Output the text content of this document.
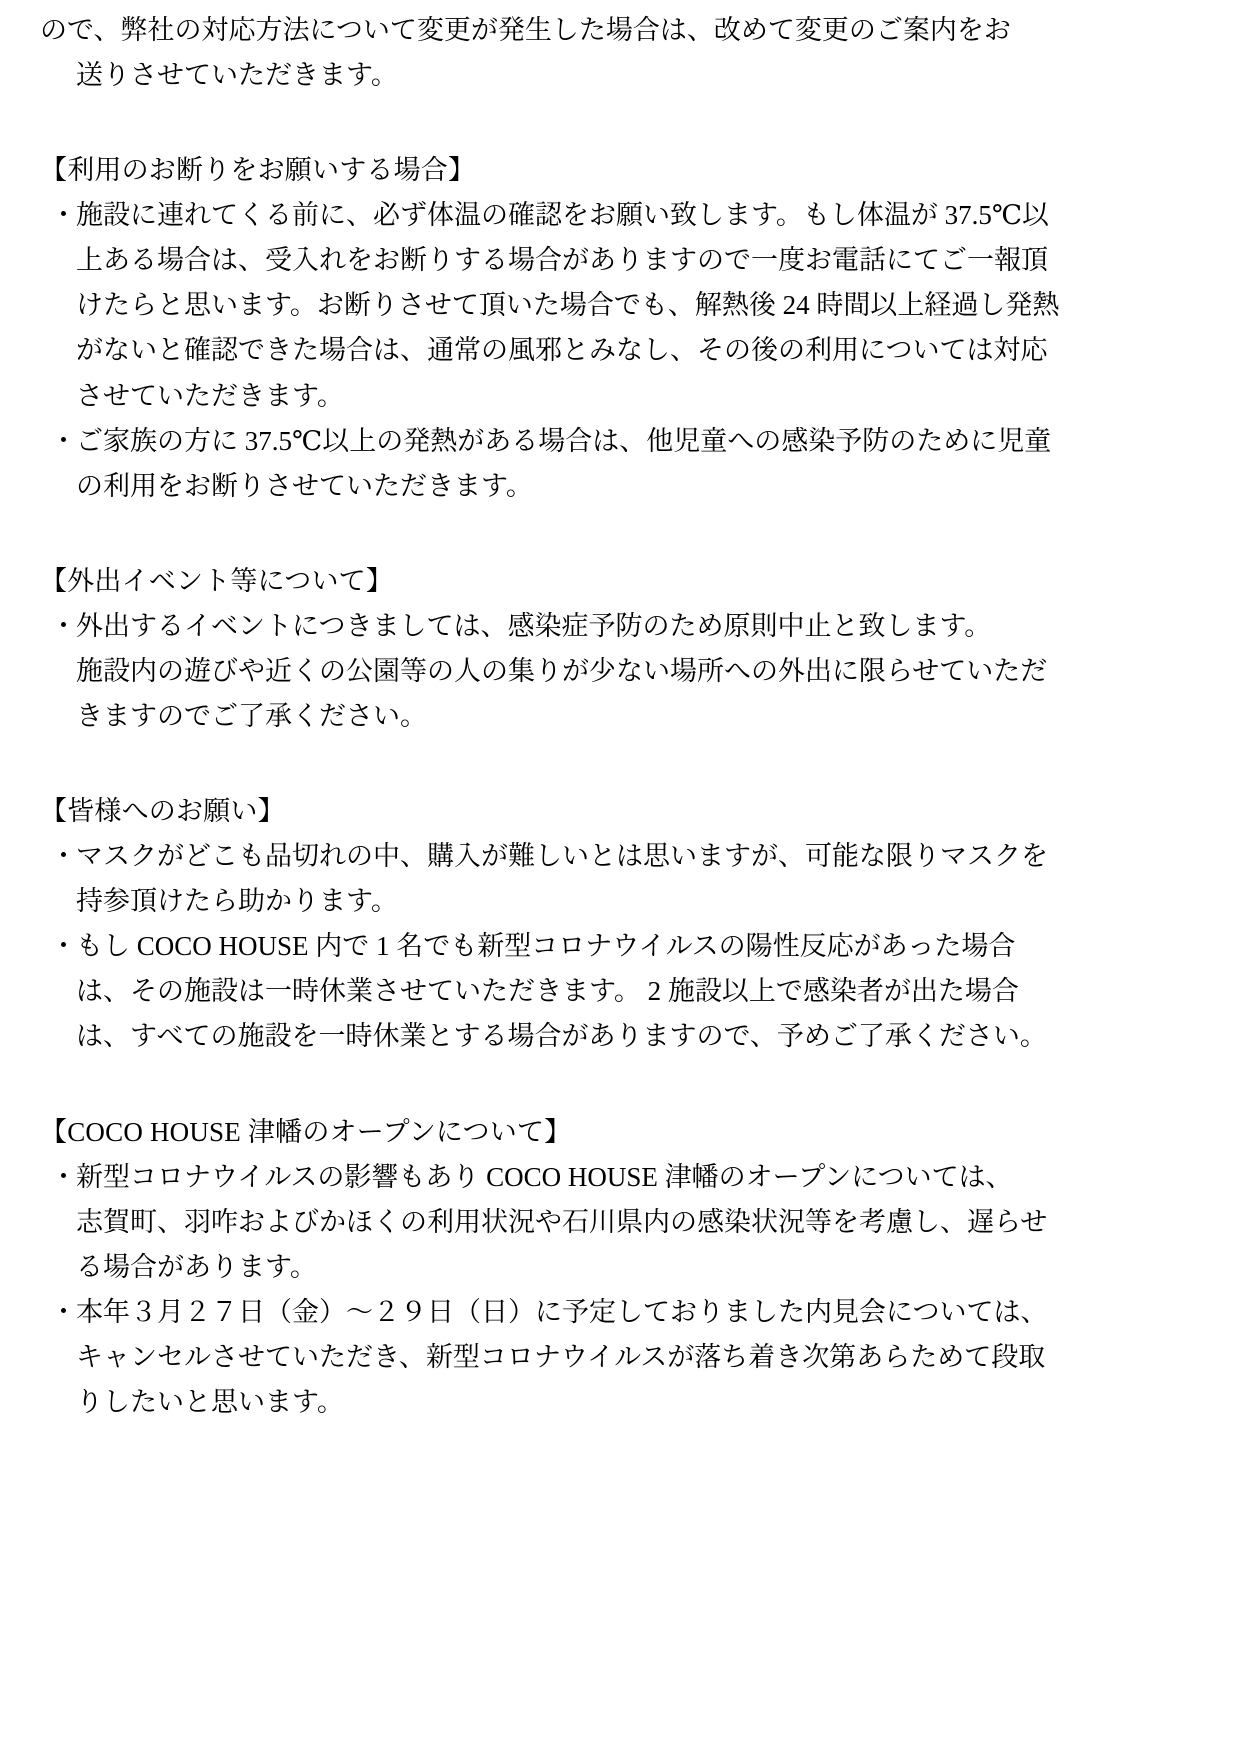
ので、弊社の対応方法について変更が発生した場合は、改めて変更のご案内をお
送りさせていただきます。
【利用のお断りをお願いする場合】
・ 施設に連れてくる前に、必ず体温の確認をお願い致します。もし体温が 37.5℃以
上ある場合は、受入れをお断りする場合がありますので一度お電話にてご一報頂
けたらと思います。お断りさせて頂いた場合でも、解熱後 24 時間以上経過し発熱
がないと確認できた場合は、通常の風邪とみなし、その後の利用については対応
させていただきます。
・ ご家族の方に 37.5℃以上の発熱がある場合は、他児童への感染予防のために児童
の利用をお断りさせていただきます。
【外出イベント等について】
・ 外出するイベントにつきましては、感染症予防のため原則中止と致します。
施設内の遊びや近くの公園等の人の集りが少ない場所への外出に限らせていただ
きますのでご了承ください。
【皆様へのお願い】
・ マスクがどこも品切れの中、購入が難しいとは思いますが、可能な限りマスクを
持参頂けたら助かります。
・ もし COCO HOUSE 内で 1 名でも新型コロナウイルスの陽性反応があった場合
は、その施設は一時休業させていただきます。 2 施設以上で感染者が出た場合
は、すべての施設を一時休業とする場合がありますので、予めご了承ください。
【COCO HOUSE 津幡のオープンについて】
・ 新型コロナウイルスの影響もあり COCO HOUSE 津幡のオープンについては、
志賀町、羽咋およびかほくの利用状況や石川県内の感染状況等を考慮し、遅らせ
る場合があります。
・ 本年３月２７日（金）～２９日（日）に予定しておりました内見会については、
キャンセルさせていただき、新型コロナウイルスが落ち着き次第あらためて段取
りしたいと思います。
